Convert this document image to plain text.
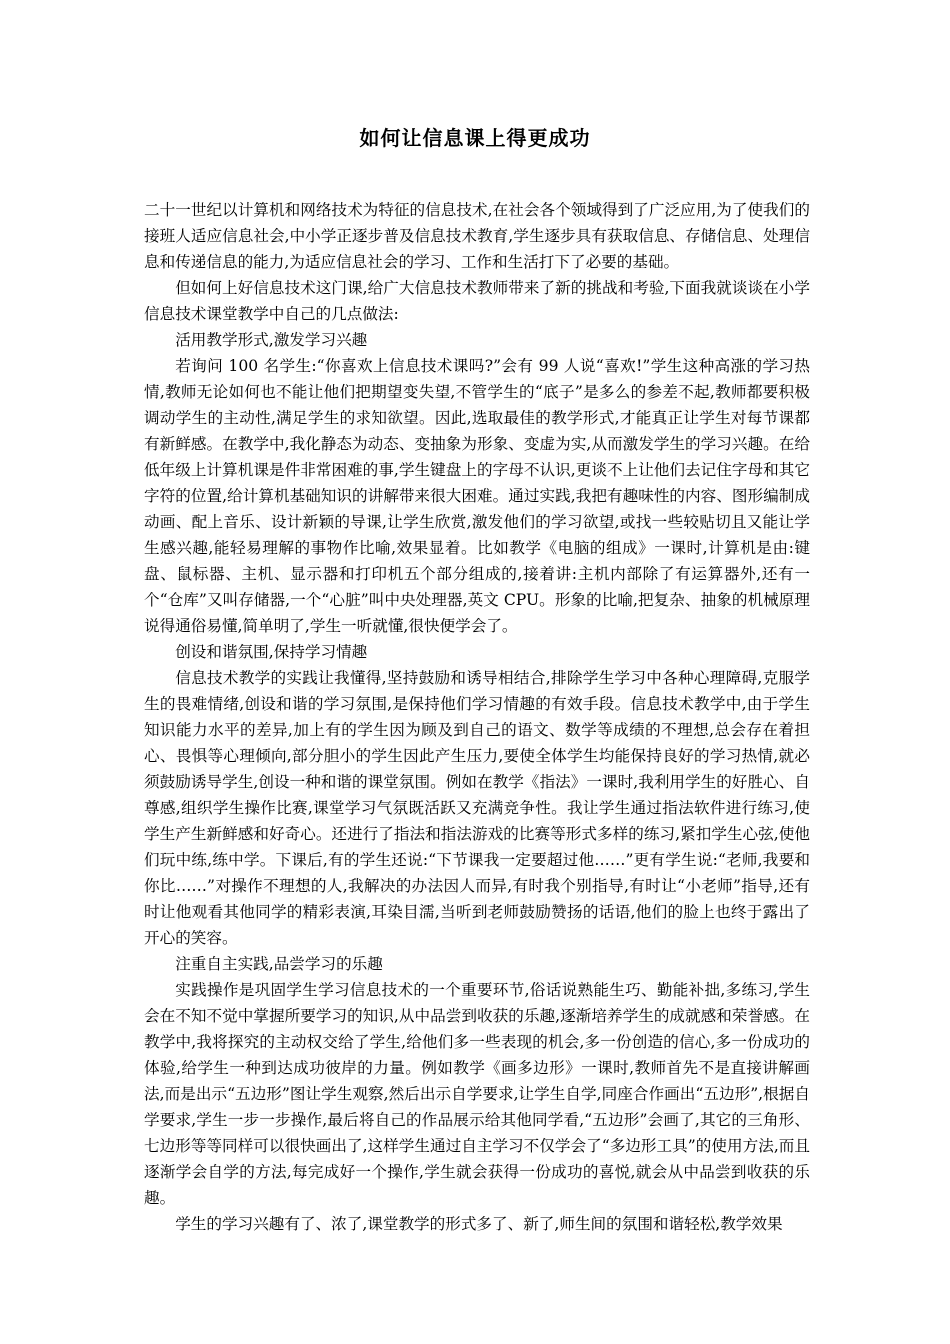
如何让信息课上得更成功

二十一世纪以计算机和网络技术为特征的信息技术,在社会各个领域得到了广泛应用,为了使我们的接班人适应信息社会,中小学正逐步普及信息技术教育,学生逐步具有获取信息、存储信息、处理信息和传递信息的能力,为适应信息社会的学习、工作和生活打下了必要的基础。

但如何上好信息技术这门课,给广大信息技术教师带来了新的挑战和考验,下面我就谈谈在小学信息技术课堂教学中自己的几点做法:

活用教学形式,激发学习兴趣

若询问 100 名学生:“你喜欢上信息技术课吗?”会有 99 人说“喜欢!”学生这种高涨的学习热情,教师无论如何也不能让他们把期望变失望,不管学生的“底子”是多么的参差不起,教师都要积极调动学生的主动性,满足学生的求知欲望。因此,选取最佳的教学形式,才能真正让学生对每节课都有新鲜感。在教学中,我化静态为动态、变抽象为形象、变虚为实,从而激发学生的学习兴趣。在给低年级上计算机课是件非常困难的事,学生键盘上的字母不认识,更谈不上让他们去记住字母和其它字符的位置,给计算机基础知识的讲解带来很大困难。通过实践,我把有趣味性的内容、图形编制成动画、配上音乐、设计新颖的导课,让学生欣赏,激发他们的学习欲望,或找一些较贴切且又能让学生感兴趣,能轻易理解的事物作比喻,效果显着。比如教学《电脑的组成》一课时,计算机是由:键盘、鼠标器、主机、显示器和打印机五个部分组成的,接着讲:主机内部除了有运算器外,还有一个“仓库”又叫存储器,一个“心脏”叫中央处理器,英文 CPU。形象的比喻,把复杂、抽象的机械原理说得通俗易懂,简单明了,学生一听就懂,很快便学会了。

创设和谐氛围,保持学习情趣

信息技术教学的实践让我懂得,坚持鼓励和诱导相结合,排除学生学习中各种心理障碍,克服学生的畏难情绪,创设和谐的学习氛围,是保持他们学习情趣的有效手段。信息技术教学中,由于学生知识能力水平的差异,加上有的学生因为顾及到自己的语文、数学等成绩的不理想,总会存在着担心、畏惧等心理倾向,部分胆小的学生因此产生压力,要使全体学生均能保持良好的学习热情,就必须鼓励诱导学生,创设一种和谐的课堂氛围。例如在教学《指法》一课时,我利用学生的好胜心、自尊感,组织学生操作比赛,课堂学习气氛既活跃又充满竞争性。我让学生通过指法软件进行练习,使学生产生新鲜感和好奇心。还进行了指法和指法游戏的比赛等形式多样的练习,紧扣学生心弦,使他们玩中练,练中学。下课后,有的学生还说:“下节课我一定要超过他……”更有学生说:“老师,我要和你比……”对操作不理想的人,我解决的办法因人而异,有时我个别指导,有时让“小老师”指导,还有时让他观看其他同学的精彩表演,耳染目濡,当听到老师鼓励赞扬的话语,他们的脸上也终于露出了开心的笑容。

注重自主实践,品尝学习的乐趣

实践操作是巩固学生学习信息技术的一个重要环节,俗话说熟能生巧、勤能补拙,多练习,学生会在不知不觉中掌握所要学习的知识,从中品尝到收获的乐趣,逐渐培养学生的成就感和荣誉感。在教学中,我将探究的主动权交给了学生,给他们多一些表现的机会,多一份创造的信心,多一份成功的体验,给学生一种到达成功彼岸的力量。例如教学《画多边形》一课时,教师首先不是直接讲解画法,而是出示“五边形”图让学生观察,然后出示自学要求,让学生自学,同座合作画出“五边形”,根据自学要求,学生一步一步操作,最后将自己的作品展示给其他同学看,“五边形”会画了,其它的三角形、七边形等等同样可以很快画出了,这样学生通过自主学习不仅学会了“多边形工具”的使用方法,而且逐渐学会自学的方法,每完成好一个操作,学生就会获得一份成功的喜悦,就会从中品尝到收获的乐趣。

学生的学习兴趣有了、浓了,课堂教学的形式多了、新了,师生间的氛围和谐轻松,教学效果
